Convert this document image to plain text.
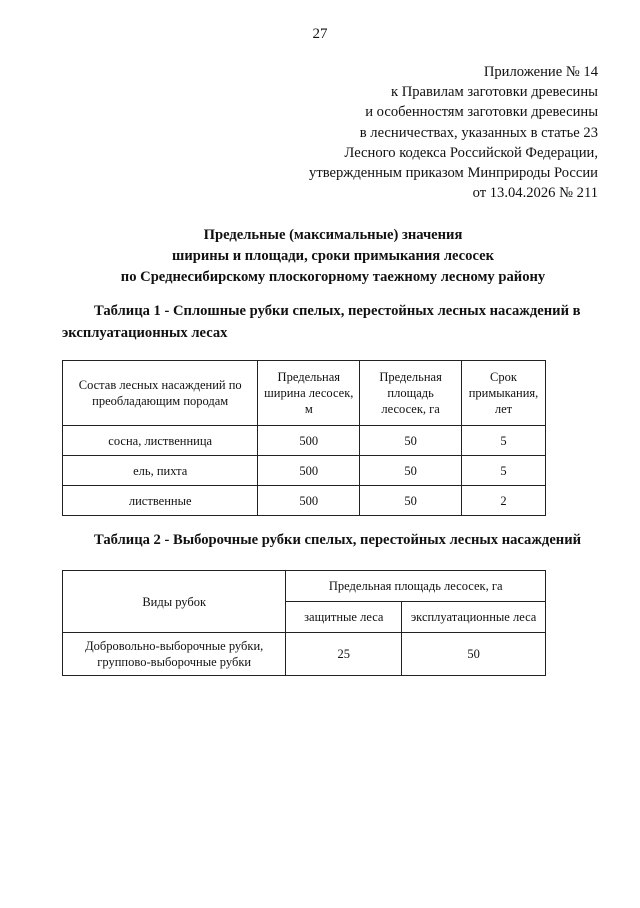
27
Приложение № 14
к Правилам заготовки древесины
и особенностям заготовки древесины
в лесничествах, указанных в статье 23
Лесного кодекса Российской Федерации,
утвержденным приказом Минприроды России
от 13.04.2026 № 211
Предельные (максимальные) значения
ширины и площади, сроки примыкания лесосек
по Среднесибирскому плоскогорному таежному лесному району
Таблица 1 - Сплошные рубки спелых, перестойных лесных насаждений в эксплуатационных лесах
Состав лесных насаждений по преобладающим породам	Предельная ширина лесосек, м	Предельная площадь лесосек, га	Срок примыкания, лет
сосна, лиственница	500	50	5
ель, пихта	500	50	5
лиственные	500	50	2
Таблица 2 - Выборочные рубки спелых, перестойных лесных насаждений
Виды рубок	Предельная площадь лесосек, га	
	защитные леса	эксплуатационные леса
Добровольно-выборочные рубки, групповo-выборочные рубки	25	50
